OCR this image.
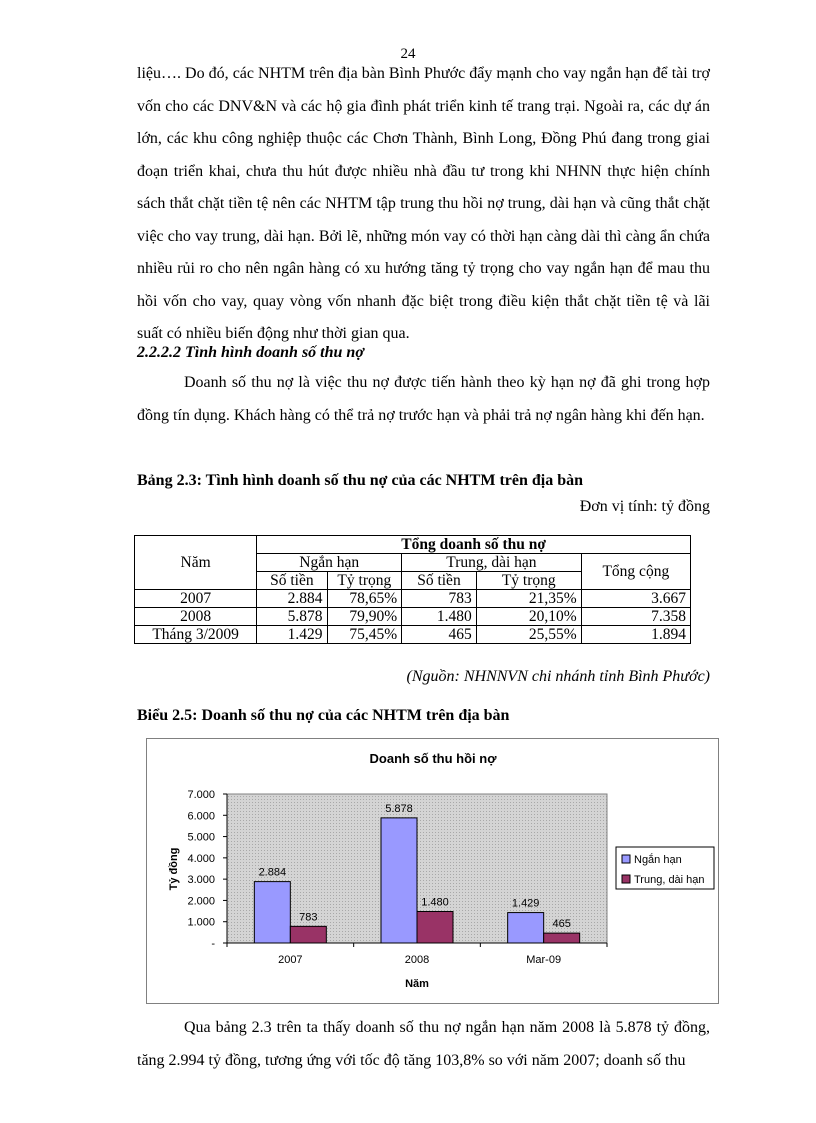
24

liệu…. Do đó, các NHTM trên địa bàn Bình Phước đẩy mạnh cho vay ngắn hạn để tài trợ vốn cho các DNV&N và các hộ gia đình phát triển kinh tế trang trại. Ngoài ra, các dự án lớn, các khu công nghiệp thuộc các Chơn Thành, Bình Long, Đồng Phú đang trong giai đoạn triển khai, chưa thu hút được nhiều nhà đầu tư trong khi NHNN thực hiện chính sách thắt chặt tiền tệ nên các NHTM tập trung thu hồi nợ trung, dài hạn và cũng thắt chặt việc cho vay trung, dài hạn. Bởi lẽ, những món vay có thời hạn càng dài thì càng ẩn chứa nhiều rủi ro cho nên ngân hàng có xu hướng tăng tỷ trọng cho vay ngắn hạn để mau thu hồi vốn cho vay, quay vòng vốn nhanh đặc biệt trong điều kiện thắt chặt tiền tệ và lãi suất có nhiều biến động như thời gian qua.

2.2.2.2 Tình hình doanh số thu nợ

Doanh số thu nợ là việc thu nợ được tiến hành theo kỳ hạn nợ đã ghi trong hợp đồng tín dụng. Khách hàng có thể trả nợ trước hạn và phải trả nợ ngân hàng khi đến hạn.

Bảng 2.3: Tình hình doanh số thu nợ của các NHTM trên địa bàn
Đơn vị tính: tỷ đồng
Năm	Tổng doanh số thu nợ				
	Ngắn hạn		Trung, dài hạn		Tổng cộng
	Số tiền	Tỷ trọng	Số tiền	Tỷ trọng	
2007	2.884	78,65%	783	21,35%	3.667
2008	5.878	79,90%	1.480	20,10%	7.358
Tháng 3/2009	1.429	75,45%	465	25,55%	1.894
(Nguồn: NHNNVN chi nhánh tỉnh Bình Phước)
Biểu 2.5: Doanh số thu nợ của các NHTM trên địa bàn
Doanh số thu hồi nợ
-
1.000
2.000
3.000
4.000
5.000
6.000
7.000
2.884
783
5.878
1.480	1.429
465
2007	2008	Mar-09
Năm
Tỷ đồng	Ngắn hạn
Trung, dài hạn

Qua bảng 2.3 trên ta thấy doanh số thu nợ ngắn hạn năm 2008 là 5.878 tỷ đồng, tăng 2.994 tỷ đồng, tương ứng với tốc độ tăng 103,8% so với năm 2007; doanh số thu
